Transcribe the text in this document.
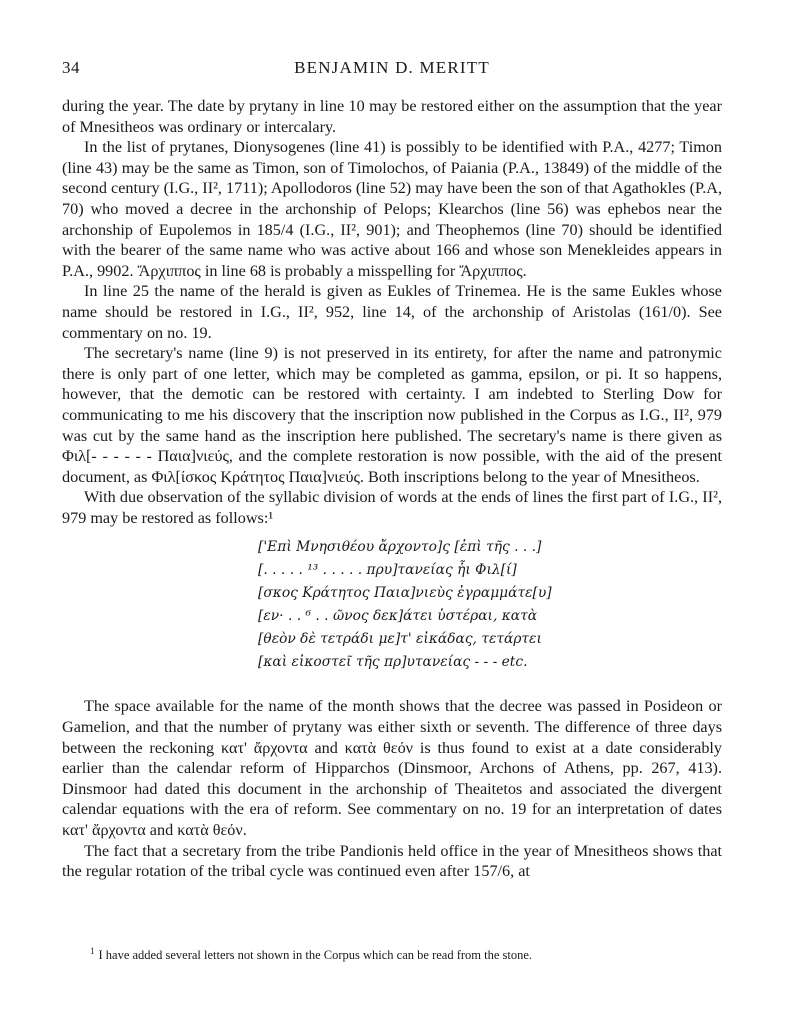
34	BENJAMIN D. MERITT

during the year. The date by prytany in line 10 may be restored either on the assumption that the year of Mnesitheos was ordinary or intercalary.

In the list of prytanes, Dionysogenes (line 41) is possibly to be identified with P.A., 4277; Timon (line 43) may be the same as Timon, son of Timolochos, of Paiania (P.A., 13849) of the middle of the second century (I.G., II², 1711); Apollodoros (line 52) may have been the son of that Agathokles (P.A, 70) who moved a decree in the archonship of Pelops; Klearchos (line 56) was ephebos near the archonship of Eupolemos in 185/4 (I.G., II², 901); and Theophemos (line 70) should be identified with the bearer of the same name who was active about 166 and whose son Menekleides appears in P.A., 9902. Ἄρχιππος in line 68 is probably a misspelling for Ἄρχιππος.

In line 25 the name of the herald is given as Eukles of Trinemea. He is the same Eukles whose name should be restored in I.G., II², 952, line 14, of the archonship of Aristolas (161/0). See commentary on no. 19.

The secretary's name (line 9) is not preserved in its entirety, for after the name and patronymic there is only part of one letter, which may be completed as gamma, epsilon, or pi. It so happens, however, that the demotic can be restored with certainty. I am indebted to Sterling Dow for communicating to me his discovery that the inscription now published in the Corpus as I.G., II², 979 was cut by the same hand as the inscription here published. The secretary's name is there given as Φιλ[- - - - - - Παια]νιεύς, and the complete restoration is now possible, with the aid of the present document, as Φιλ[ίσκος Κράτητος Παια]νιεύς. Both inscriptions belong to the year of Mnesitheos.

With due observation of the syllabic division of words at the ends of lines the first part of I.G., II², 979 may be restored as follows:¹

['Επὶ Μνησιθέου ἄρχοντο]ς [ἐπὶ τῆς . . .]
[. . . . . ¹³ . . . . . πρυ]τανείας ἧι Φιλ[ί]
[σκος Κράτητος Παια]νιεὺς ἐγραμμάτε[υ]
[εν· . . ⁶ . . ῶνος δεκ]άτει ὑστέραι, κατὰ
[θεὸν δὲ τετράδι με]τ' εἰκάδας, τετάρτει
[καὶ εἰκοστεῖ τῆς πρ]υτανείας - - - etc.

The space available for the name of the month shows that the decree was passed in Posideon or Gamelion, and that the number of prytany was either sixth or seventh. The difference of three days between the reckoning κατ' ἄρχοντα and κατὰ θεόν is thus found to exist at a date considerably earlier than the calendar reform of Hipparchos (Dinsmoor, Archons of Athens, pp. 267, 413). Dinsmoor had dated this document in the archonship of Theaitetos and associated the divergent calendar equations with the era of reform. See commentary on no. 19 for an interpretation of dates κατ' ἄρχοντα and κατὰ θεόν.

The fact that a secretary from the tribe Pandionis held office in the year of Mnesitheos shows that the regular rotation of the tribal cycle was continued even after 157/6, at

$^1$ I have added several letters not shown in the Corpus which can be read from the stone.
